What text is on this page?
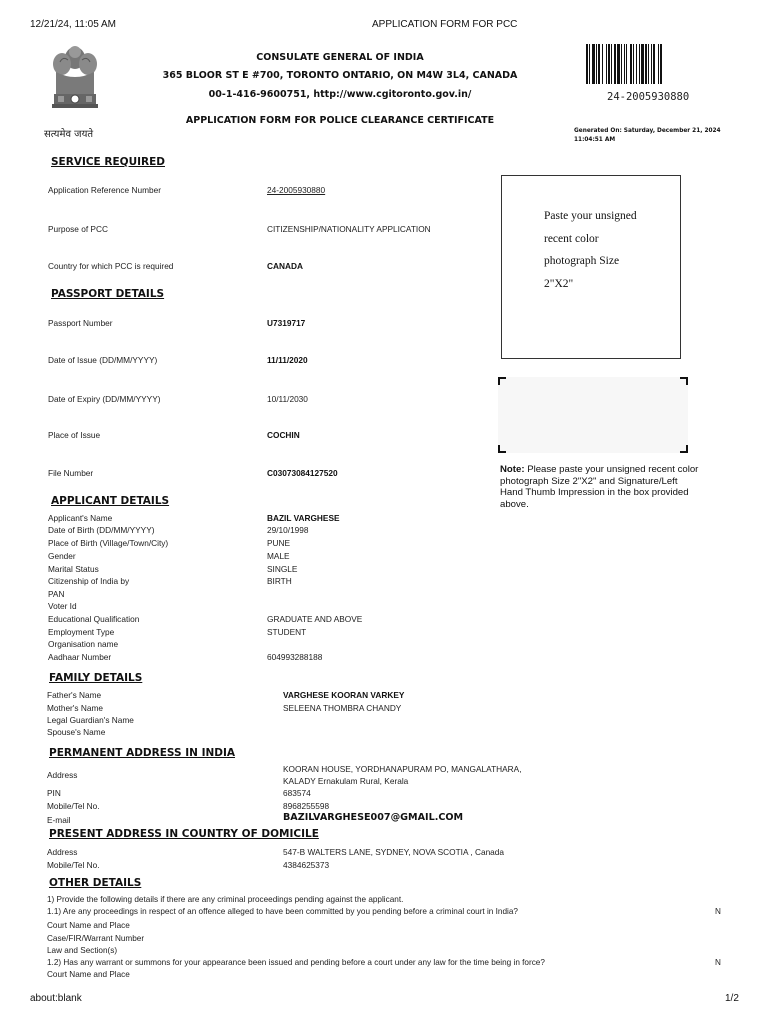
12/21/24, 11:05 AM	APPLICATION FORM FOR PCC
सत्यमेव जयते
CONSULATE GENERAL OF INDIA
365 BLOOR ST E #700, TORONTO ONTARIO, ON M4W 3L4, CANADA
00-1-416-9600751, http://www.cgitoronto.gov.in/
APPLICATION FORM FOR POLICE CLEARANCE CERTIFICATE
24-2005930880
Generated On: Saturday, December 21, 2024
11:04:51 AM
SERVICE REQUIRED
Application Reference Number	24-2005930880
Purpose of PCC	CITIZENSHIP/NATIONALITY APPLICATION
Country for which PCC is required	CANADA
PASSPORT DETAILS
Passport Number	U7319717
Date of Issue (DD/MM/YYYY)	11/11/2020
Date of Expiry (DD/MM/YYYY)	10/11/2030
Place of Issue	COCHIN
File Number	C03073084127520
Paste your unsigned
recent color
photograph Size
2"X2"
Note: Please paste your unsigned recent color
photograph Size 2"X2" and Signature/Left
Hand Thumb Impression in the box provided
above.
APPLICANT DETAILS
Applicant's Name	BAZIL VARGHESE
Date of Birth (DD/MM/YYYY)	29/10/1998
Place of Birth (Village/Town/City)	PUNE
Gender	MALE
Marital Status	SINGLE
Citizenship of India by	BIRTH
PAN
Voter Id
Educational Qualification	GRADUATE AND ABOVE
Employment Type	STUDENT
Organisation name
Aadhaar Number	604993288188
FAMILY DETAILS
Father's Name	VARGHESE KOORAN VARKEY
Mother's Name	SELEENA THOMBRA CHANDY
Legal Guardian's Name
Spouse's Name
PERMANENT ADDRESS IN INDIA
Address
KOORAN HOUSE, YORDHANAPURAM PO, MANGALATHARA,
KALADY Ernakulam Rural, Kerala
PIN	683574
Mobile/Tel No.	8968255598
E-mail	BAZILVARGHESE007@GMAIL.COM
PRESENT ADDRESS IN COUNTRY OF DOMICILE
Address	547-B WALTERS LANE, SYDNEY, NOVA SCOTIA , Canada
Mobile/Tel No.	4384625373
OTHER DETAILS
1) Provide the following details if there are any criminal proceedings pending against the applicant.
1.1) Are any proceedings in respect of an offence alleged to have been committed by you pending before a criminal court in India?	N
Court Name and Place
Case/FIR/Warrant Number
Law and Section(s)
1.2) Has any warrant or summons for your appearance been issued and pending before a court under any law for the time being in force?	N
Court Name and Place
about:blank	1/2
